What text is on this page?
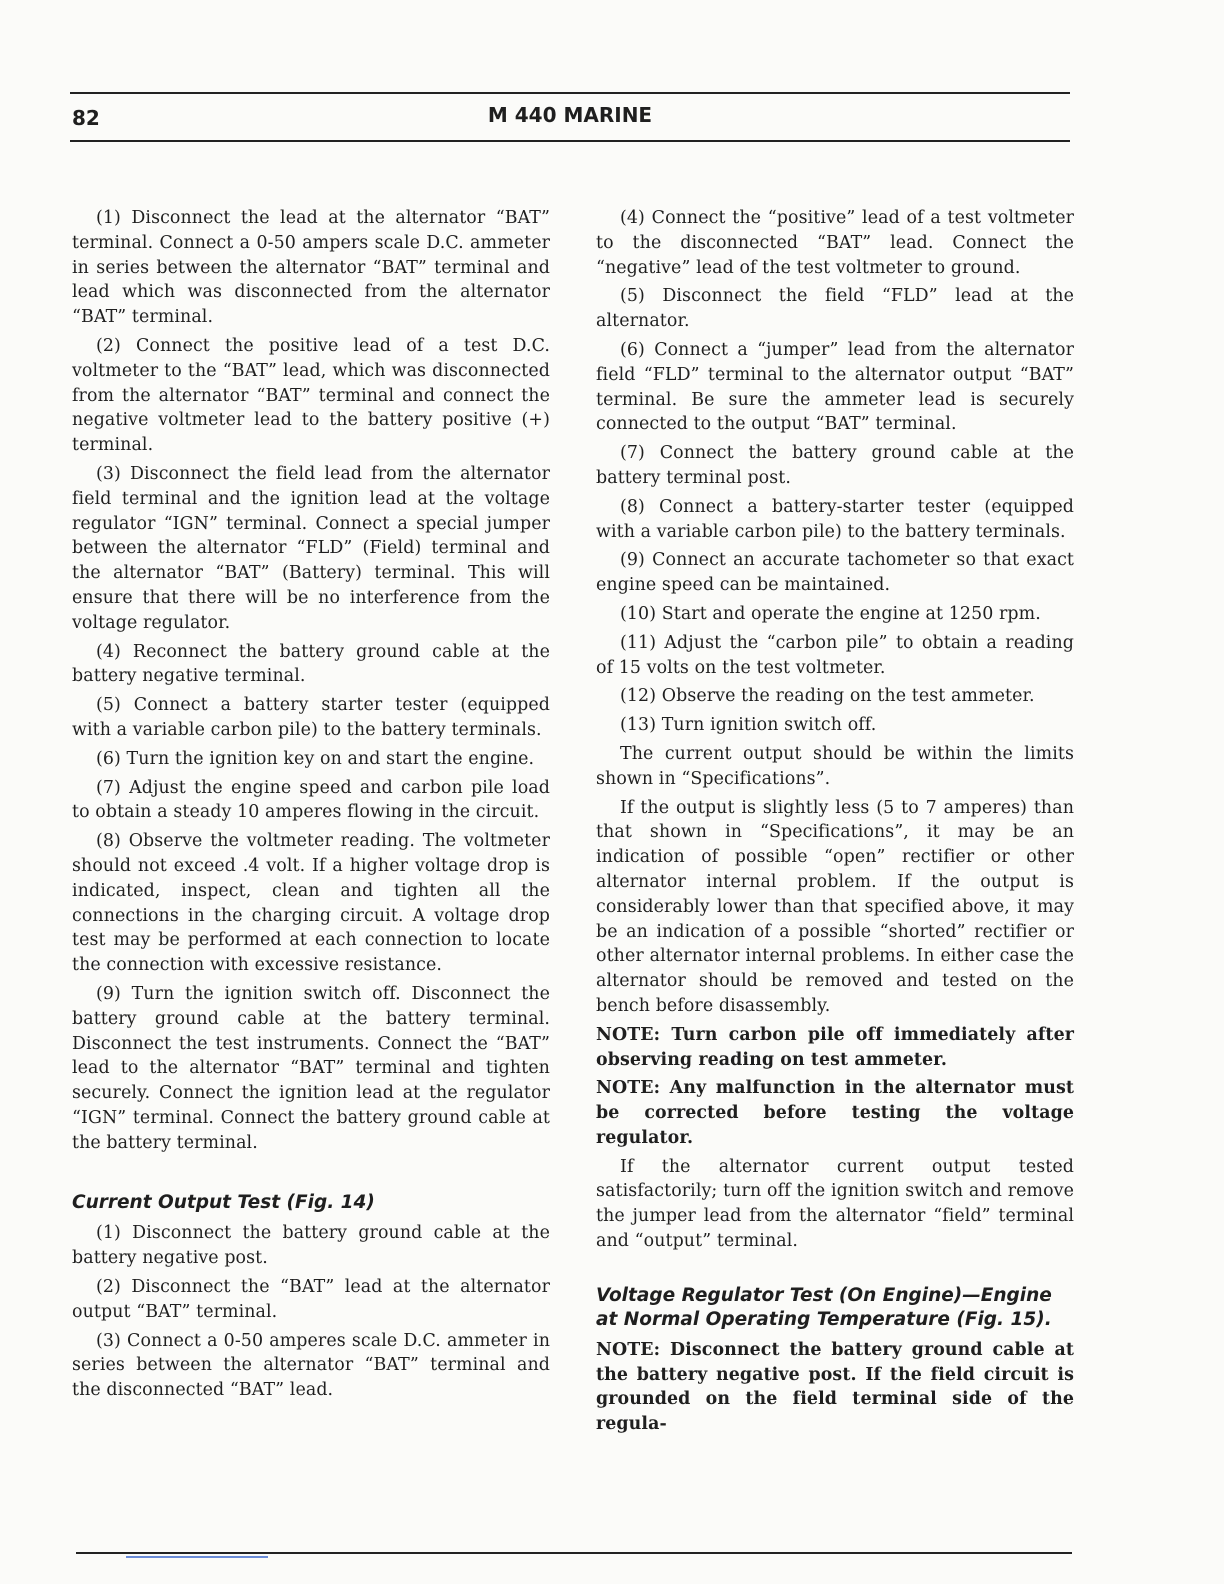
82	M 440 MARINE

(1) Disconnect the lead at the alternator “BAT” terminal. Connect a 0-50 ampers scale D.C. ammeter in series between the alternator “BAT” terminal and lead which was disconnected from the alternator “BAT” terminal.

(2) Connect the positive lead of a test D.C. voltmeter to the “BAT” lead, which was disconnected from the alternator “BAT” terminal and connect the negative voltmeter lead to the battery positive (+) terminal.

(3) Disconnect the field lead from the alternator field terminal and the ignition lead at the voltage regulator “IGN” terminal. Connect a special jumper between the alternator “FLD” (Field) terminal and the alternator “BAT” (Battery) terminal. This will ensure that there will be no interference from the voltage regulator.

(4) Reconnect the battery ground cable at the battery negative terminal.

(5) Connect a battery starter tester (equipped with a variable carbon pile) to the battery terminals.

(6) Turn the ignition key on and start the engine.

(7) Adjust the engine speed and carbon pile load to obtain a steady 10 amperes flowing in the circuit.

(8) Observe the voltmeter reading. The voltmeter should not exceed .4 volt. If a higher voltage drop is indicated, inspect, clean and tighten all the connections in the charging circuit. A voltage drop test may be performed at each connection to locate the connection with excessive resistance.

(9) Turn the ignition switch off. Disconnect the battery ground cable at the battery terminal. Disconnect the test instruments. Connect the “BAT” lead to the alternator “BAT” terminal and tighten securely. Connect the ignition lead at the regulator “IGN” terminal. Connect the battery ground cable at the battery terminal.

Current Output Test (Fig. 14)

(1) Disconnect the battery ground cable at the battery negative post.

(2) Disconnect the “BAT” lead at the alternator output “BAT” terminal.

(3) Connect a 0-50 amperes scale D.C. ammeter in series between the alternator “BAT” terminal and the disconnected “BAT” lead.

(4) Connect the “positive” lead of a test voltmeter to the disconnected “BAT” lead. Connect the “negative” lead of the test voltmeter to ground.

(5) Disconnect the field “FLD” lead at the alternator.

(6) Connect a “jumper” lead from the alternator field “FLD” terminal to the alternator output “BAT” terminal. Be sure the ammeter lead is securely connected to the output “BAT” terminal.

(7) Connect the battery ground cable at the battery terminal post.

(8) Connect a battery-starter tester (equipped with a variable carbon pile) to the battery terminals.

(9) Connect an accurate tachometer so that exact engine speed can be maintained.

(10) Start and operate the engine at 1250 rpm.

(11) Adjust the “carbon pile” to obtain a reading of 15 volts on the test voltmeter.

(12) Observe the reading on the test ammeter.

(13) Turn ignition switch off.

The current output should be within the limits shown in “Specifications”.

If the output is slightly less (5 to 7 amperes) than that shown in “Specifications”, it may be an indication of possible “open” rectifier or other alternator internal problem. If the output is considerably lower than that specified above, it may be an indication of a possible “shorted” rectifier or other alternator internal problems. In either case the alternator should be removed and tested on the bench before disassembly.

NOTE: Turn carbon pile off immediately after observing reading on test ammeter.

NOTE: Any malfunction in the alternator must be corrected before testing the voltage regulator.

If the alternator current output tested satisfactorily; turn off the ignition switch and remove the jumper lead from the alternator “field” terminal and “output” terminal.

Voltage Regulator Test (On Engine)—Engine at Normal Operating Temperature (Fig. 15).

NOTE: Disconnect the battery ground cable at the battery negative post. If the field circuit is grounded on the field terminal side of the regula-
